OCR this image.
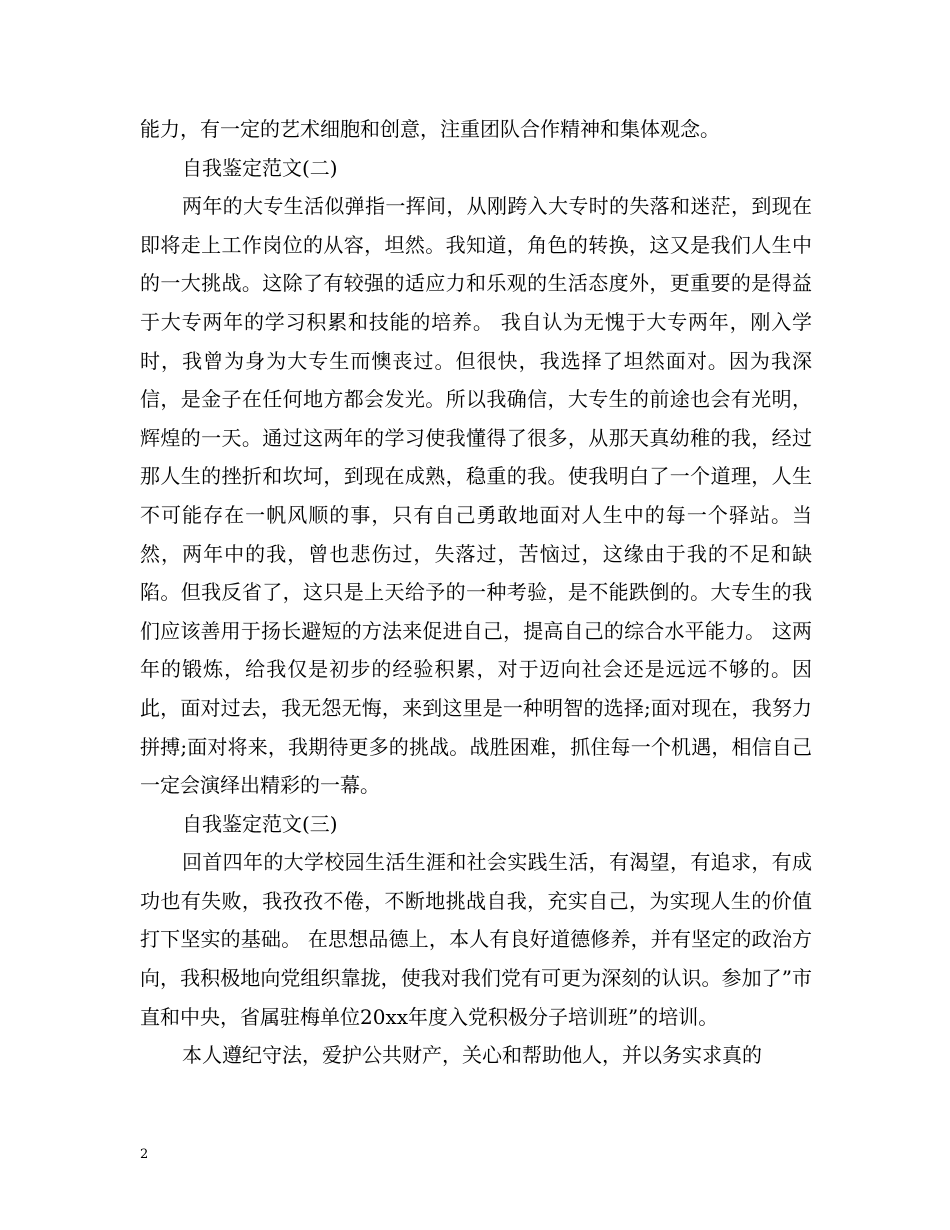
能力，有一定的艺术细胞和创意，注重团队合作精神和集体观念。

自我鉴定范文(二)

两年的大专生活似弹指一挥间，从刚跨入大专时的失落和迷茫，到现在即将走上工作岗位的从容，坦然。我知道，角色的转换，这又是我们人生中的一大挑战。这除了有较强的适应力和乐观的生活态度外，更重要的是得益于大专两年的学习积累和技能的培养。 我自认为无愧于大专两年，刚入学时，我曾为身为大专生而懊丧过。但很快，我选择了坦然面对。因为我深信，是金子在任何地方都会发光。所以我确信，大专生的前途也会有光明，辉煌的一天。通过这两年的学习使我懂得了很多，从那天真幼稚的我，经过那人生的挫折和坎坷，到现在成熟，稳重的我。使我明白了一个道理，人生不可能存在一帆风顺的事，只有自己勇敢地面对人生中的每一个驿站。当然，两年中的我，曾也悲伤过，失落过，苦恼过，这缘由于我的不足和缺陷。但我反省了，这只是上天给予的一种考验，是不能跌倒的。大专生的我们应该善用于扬长避短的方法来促进自己，提高自己的综合水平能力。 这两年的锻炼，给我仅是初步的经验积累，对于迈向社会还是远远不够的。因此，面对过去，我无怨无悔，来到这里是一种明智的选择;面对现在，我努力拼搏;面对将来，我期待更多的挑战。战胜困难，抓住每一个机遇，相信自己一定会演绎出精彩的一幕。

自我鉴定范文(三)

回首四年的大学校园生活生涯和社会实践生活，有渴望，有追求，有成功也有失败，我孜孜不倦，不断地挑战自我，充实自己，为实现人生的价值打下坚实的基础。 在思想品德上，本人有良好道德修养，并有坚定的政治方向，我积极地向党组织靠拢，使我对我们党有可更为深刻的认识。参加了”市直和中央，省属驻梅单位20xx年度入党积极分子培训班”的培训。

本人遵纪守法，爱护公共财产，关心和帮助他人，并以务实求真的

2
